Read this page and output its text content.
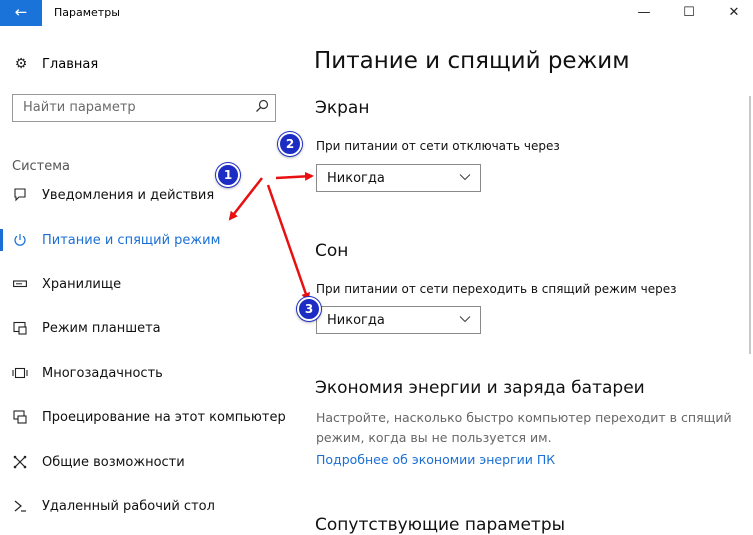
←	Параметры	—	☐	✕
⚙ Главная
Найти параметр
Система
Уведомления и действия
Питание и спящий режим
Хранилище
Режим планшета
Многозадачность
Проецирование на этот компьютер
Общие возможности
Удаленный рабочий стол
Питание и спящий режим
Экран
При питании от сети отключать через
Никогда
Сон
При питании от сети переходить в спящий режим через
Никогда
Экономия энергии и заряда батареи
Настройте, насколько быстро компьютер переходит в спящий режим, когда вы не пользуется им.
Подробнее об экономии энергии ПК
Сопутствующие параметры
1
2
3
